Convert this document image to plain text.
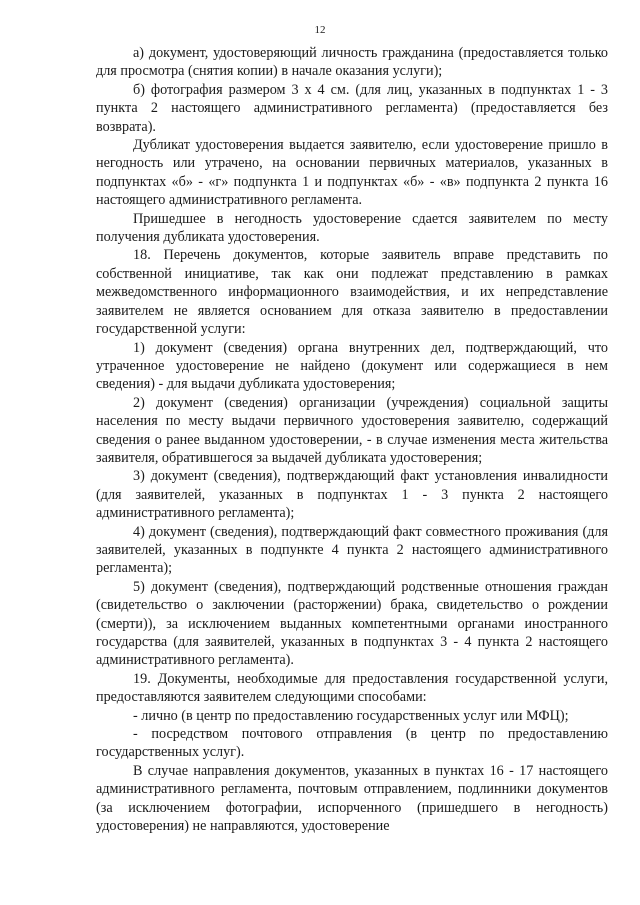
12

а) документ, удостоверяющий личность гражданина (предоставляется только для просмотра (снятия копии) в начале оказания услуги);

б) фотография размером 3 х 4 см. (для лиц, указанных в подпунктах 1 - 3 пункта 2 настоящего административного регламента) (предоставляется без возврата).

Дубликат удостоверения выдается заявителю, если удостоверение пришло в негодность или утрачено, на основании первичных материалов, указанных в подпунктах «б» - «г» подпункта 1 и подпунктах «б» - «в» подпункта 2 пункта 16 настоящего административного регламента.

Пришедшее в негодность удостоверение сдается заявителем по месту получения дубликата удостоверения.

18. Перечень документов, которые заявитель вправе представить по собственной инициативе, так как они подлежат представлению в рамках межведомственного информационного взаимодействия, и их непредставление заявителем не является основанием для отказа заявителю в предоставлении государственной услуги:

1) документ (сведения) органа внутренних дел, подтверждающий, что утраченное удостоверение не найдено (документ или содержащиеся в нем сведения) - для выдачи дубликата удостоверения;

2) документ (сведения) организации (учреждения) социальной защиты населения по месту выдачи первичного удостоверения заявителю, содержащий сведения о ранее выданном удостоверении, - в случае изменения места жительства заявителя, обратившегося за выдачей дубликата удостоверения;

3) документ (сведения), подтверждающий факт установления инвалидности (для заявителей, указанных в подпунктах 1 - 3 пункта 2 настоящего административного регламента);

4) документ (сведения), подтверждающий факт совместного проживания (для заявителей, указанных в подпункте 4 пункта 2 настоящего административного регламента);

5) документ (сведения), подтверждающий родственные отношения граждан (свидетельство о заключении (расторжении) брака, свидетельство о рождении (смерти)), за исключением выданных компетентными органами иностранного государства (для заявителей, указанных в подпунктах 3 - 4 пункта 2 настоящего административного регламента).

19. Документы, необходимые для предоставления государственной услуги, предоставляются заявителем следующими способами:

- лично (в центр по предоставлению государственных услуг или МФЦ);

- посредством почтового отправления (в центр по предоставлению государственных услуг).

В случае направления документов, указанных в пунктах 16 - 17 настоящего административного регламента, почтовым отправлением, подлинники документов (за исключением фотографии, испорченного (пришедшего в негодность) удостоверения) не направляются, удостоверение
